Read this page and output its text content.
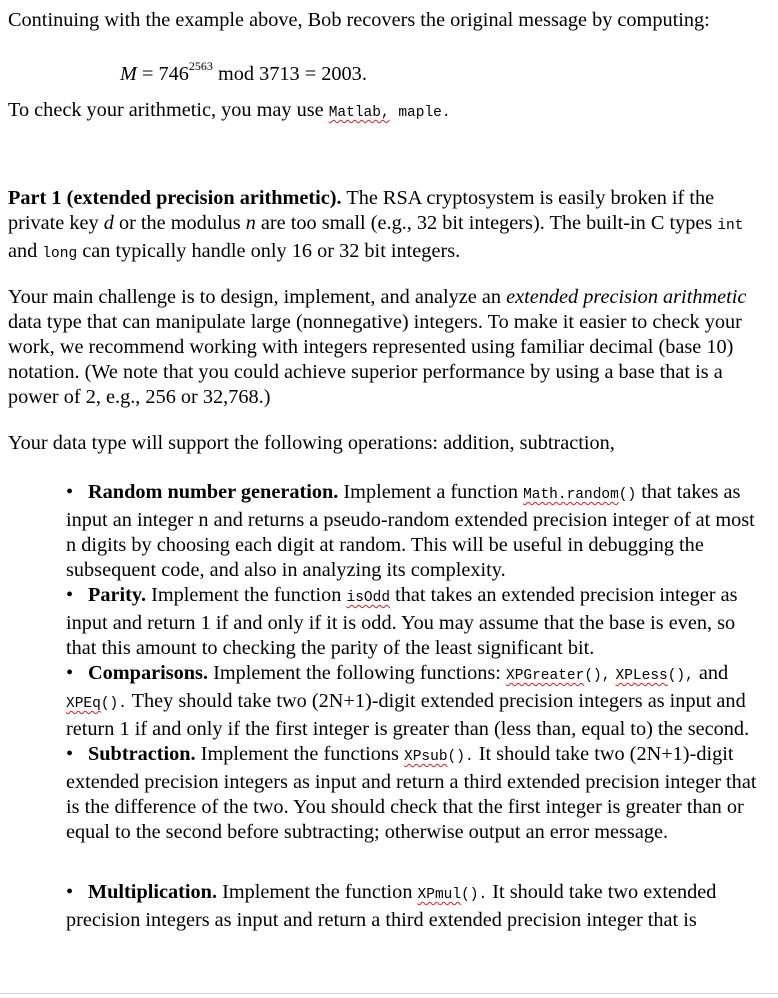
Continuing with the example above, Bob recovers the original message by computing:

$M = 746^{2563}$ mod 3713 = 2003.

To check your arithmetic, you may use Matlab, maple.

Part 1 (extended precision arithmetic). The RSA cryptosystem is easily broken if the private key d or the modulus n are too small (e.g., 32 bit integers). The built-in C types int and long can typically handle only 16 or 32 bit integers.

Your main challenge is to design, implement, and analyze an extended precision arithmetic data type that can manipulate large (nonnegative) integers. To make it easier to check your work, we recommend working with integers represented using familiar decimal (base 10) notation. (We note that you could achieve superior performance by using a base that is a power of 2, e.g., 256 or 32,768.)

Your data type will support the following operations: addition, subtraction,

• Random number generation. Implement a function Math.random() that takes as input an integer n and returns a pseudo-random extended precision integer of at most n digits by choosing each digit at random. This will be useful in debugging the subsequent code, and also in analyzing its complexity.
• Parity. Implement the function isOdd that takes an extended precision integer as input and return 1 if and only if it is odd. You may assume that the base is even, so that this amount to checking the parity of the least significant bit.
• Comparisons. Implement the following functions: XPGreater(), XPLess(), and XPEq(). They should take two (2N+1)-digit extended precision integers as input and return 1 if and only if the first integer is greater than (less than, equal to) the second.
• Subtraction. Implement the functions XPsub(). It should take two (2N+1)-digit extended precision integers as input and return a third extended precision integer that is the difference of the two. You should check that the first integer is greater than or equal to the second before subtracting; otherwise output an error message.
• Multiplication. Implement the function XPmul(). It should take two extended precision integers as input and return a third extended precision integer that is
